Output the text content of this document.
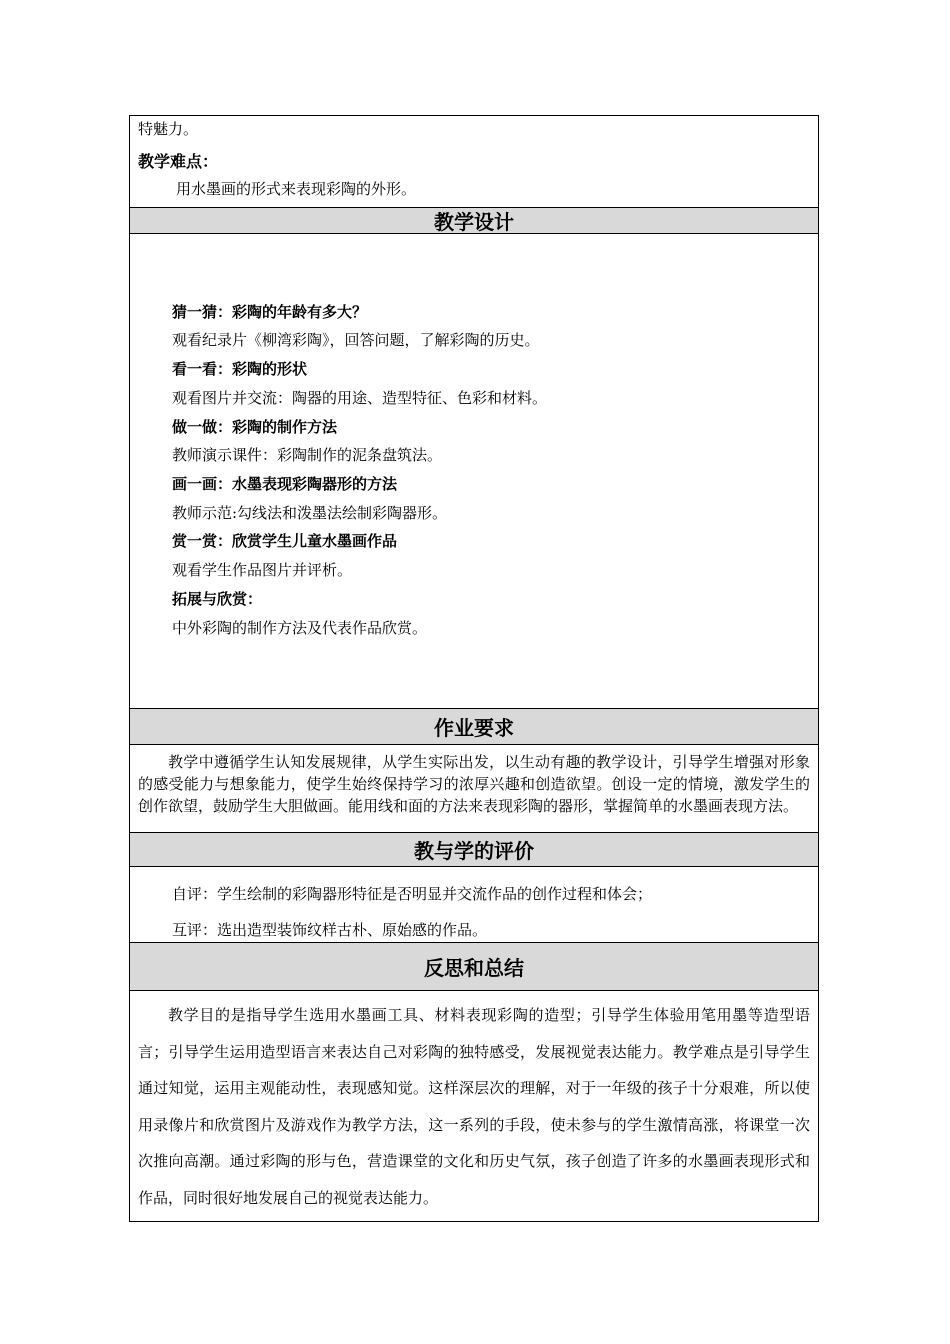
特魅力。
教学难点：
用水墨画的形式来表现彩陶的外形。
教学设计
猜一猜：彩陶的年龄有多大？
观看纪录片《柳湾彩陶》，回答问题，了解彩陶的历史。
看一看：彩陶的形状
观看图片并交流：陶器的用途、造型特征、色彩和材料。
做一做：彩陶的制作方法
教师演示课件：彩陶制作的泥条盘筑法。
画一画：水墨表现彩陶器形的方法
教师示范:勾线法和泼墨法绘制彩陶器形。
赏一赏：欣赏学生儿童水墨画作品
观看学生作品图片并评析。
拓展与欣赏：
中外彩陶的制作方法及代表作品欣赏。
作业要求

教学中遵循学生认知发展规律，从学生实际出发，以生动有趣的教学设计，引导学生增强对形象的感受能力与想象能力，使学生始终保持学习的浓厚兴趣和创造欲望。创设一定的情境，激发学生的创作欲望，鼓励学生大胆做画。能用线和面的方法来表现彩陶的器形，掌握简单的水墨画表现方法。

教与学的评价
自评：学生绘制的彩陶器形特征是否明显并交流作品的创作过程和体会；
互评：选出造型装饰纹样古朴、原始感的作品。
反思和总结

教学目的是指导学生选用水墨画工具、材料表现彩陶的造型；引导学生体验用笔用墨等造型语言；引导学生运用造型语言来表达自己对彩陶的独特感受，发展视觉表达能力。教学难点是引导学生通过知觉，运用主观能动性，表现感知觉。这样深层次的理解，对于一年级的孩子十分艰难，所以使用录像片和欣赏图片及游戏作为教学方法，这一系列的手段，使未参与的学生激情高涨，将课堂一次次推向高潮。通过彩陶的形与色，营造课堂的文化和历史气氛，孩子创造了许多的水墨画表现形式和作品，同时很好地发展自己的视觉表达能力。
